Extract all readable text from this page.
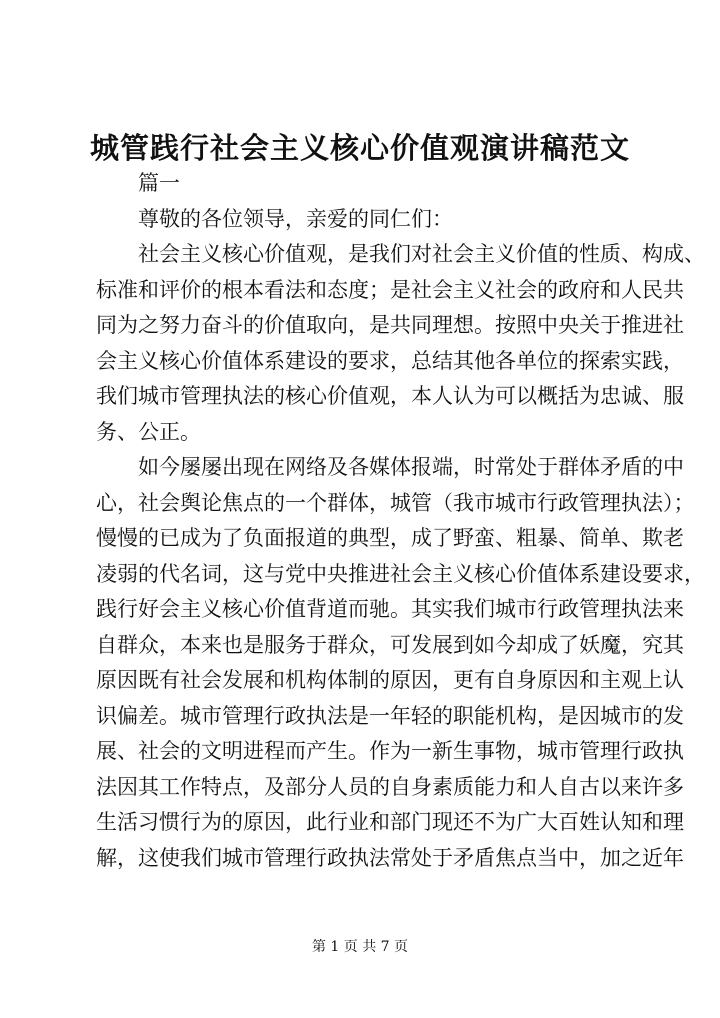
城管践行社会主义核心价值观演讲稿范文
篇一
尊敬的各位领导，亲爱的同仁们：
社会主义核心价值观，是我们对社会主义价值的性质、构成、
标准和评价的根本看法和态度；是社会主义社会的政府和人民共
同为之努力奋斗的价值取向，是共同理想。按照中央关于推进社
会主义核心价值体系建设的要求，总结其他各单位的探索实践，
我们城市管理执法的核心价值观，本人认为可以概括为忠诚、服
务、公正。
如今屡屡出现在网络及各媒体报端，时常处于群体矛盾的中
心，社会舆论焦点的一个群体，城管（我市城市行政管理执法）；
慢慢的已成为了负面报道的典型，成了野蛮、粗暴、简单、欺老
凌弱的代名词，这与党中央推进社会主义核心价值体系建设要求，
践行好会主义核心价值背道而驰。其实我们城市行政管理执法来
自群众，本来也是服务于群众，可发展到如今却成了妖魔，究其
原因既有社会发展和机构体制的原因，更有自身原因和主观上认
识偏差。城市管理行政执法是一年轻的职能机构，是因城市的发
展、社会的文明进程而产生。作为一新生事物，城市管理行政执
法因其工作特点，及部分人员的自身素质能力和人自古以来许多
生活习惯行为的原因，此行业和部门现还不为广大百姓认知和理
解，这使我们城市管理行政执法常处于矛盾焦点当中，加之近年
第 1 页 共 7 页
